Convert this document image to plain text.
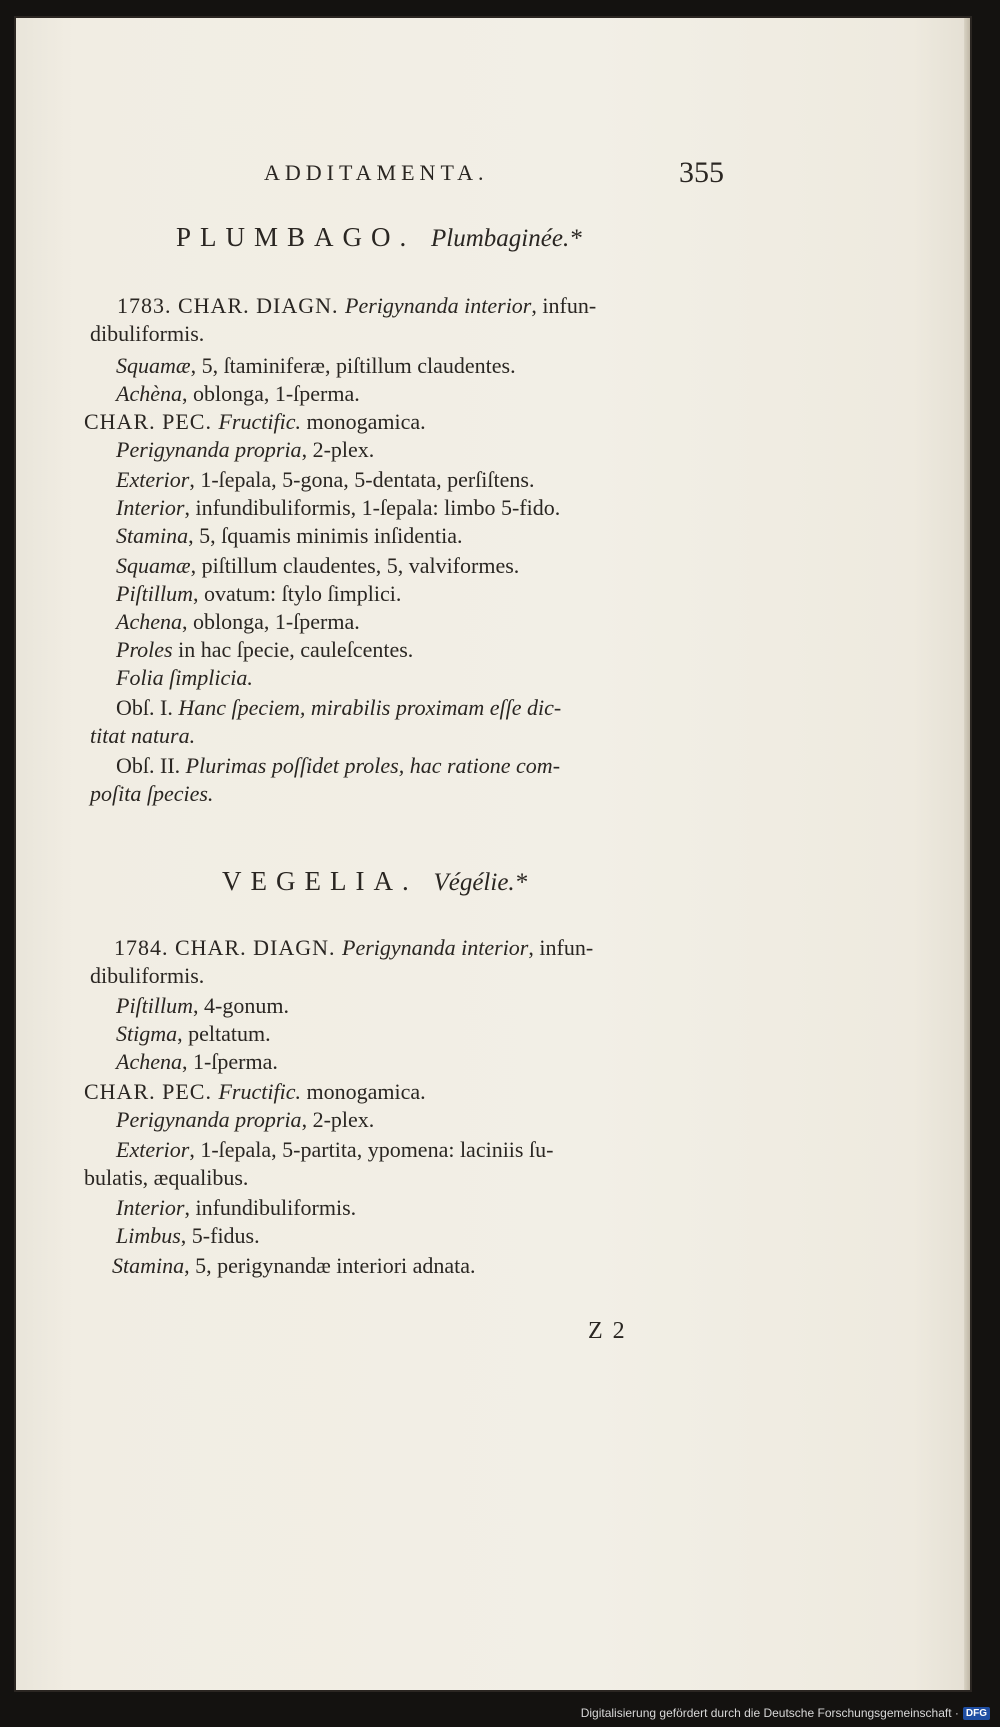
ADDITAMENTA.	355
PLUMBAGO. Plumbaginée.*
1783. CHAR. DIAGN. Perigynanda interior, infun-
dibuliformis.
Squamæ, 5, ſtaminiferæ, piſtillum claudentes.
Achèna, oblonga, 1-ſperma.
CHAR. PEC. Fructific. monogamica.
Perigynanda propria, 2-plex.
Exterior, 1-ſepala, 5-gona, 5-dentata, perſiſtens.
Interior, infundibuliformis, 1-ſepala: limbo 5-fido.
Stamina, 5, ſquamis minimis inſidentia.
Squamæ, piſtillum claudentes, 5, valviformes.
Piſtillum, ovatum: ſtylo ſimplici.
Achena, oblonga, 1-ſperma.
Proles in hac ſpecie, cauleſcentes.
Folia ſimplicia.
Obſ. I. Hanc ſpeciem, mirabilis proximam eſſe dic-
titat natura.
Obſ. II. Plurimas poſſidet proles, hac ratione com-
poſita ſpecies.
VEGELIA. Végélie.*
1784. CHAR. DIAGN. Perigynanda interior, infun-
dibuliformis.
Piſtillum, 4-gonum.
Stigma, peltatum.
Achena, 1-ſperma.
CHAR. PEC. Fructific. monogamica.
Perigynanda propria, 2-plex.
Exterior, 1-ſepala, 5-partita, ypomena: laciniis ſu-
bulatis, æqualibus.
Interior, infundibuliformis.
Limbus, 5-fidus.
Stamina, 5, perigynandæ interiori adnata.
Z 2
Digitalisierung gefördert durch die Deutsche Forschungsgemeinschaft · DFG
